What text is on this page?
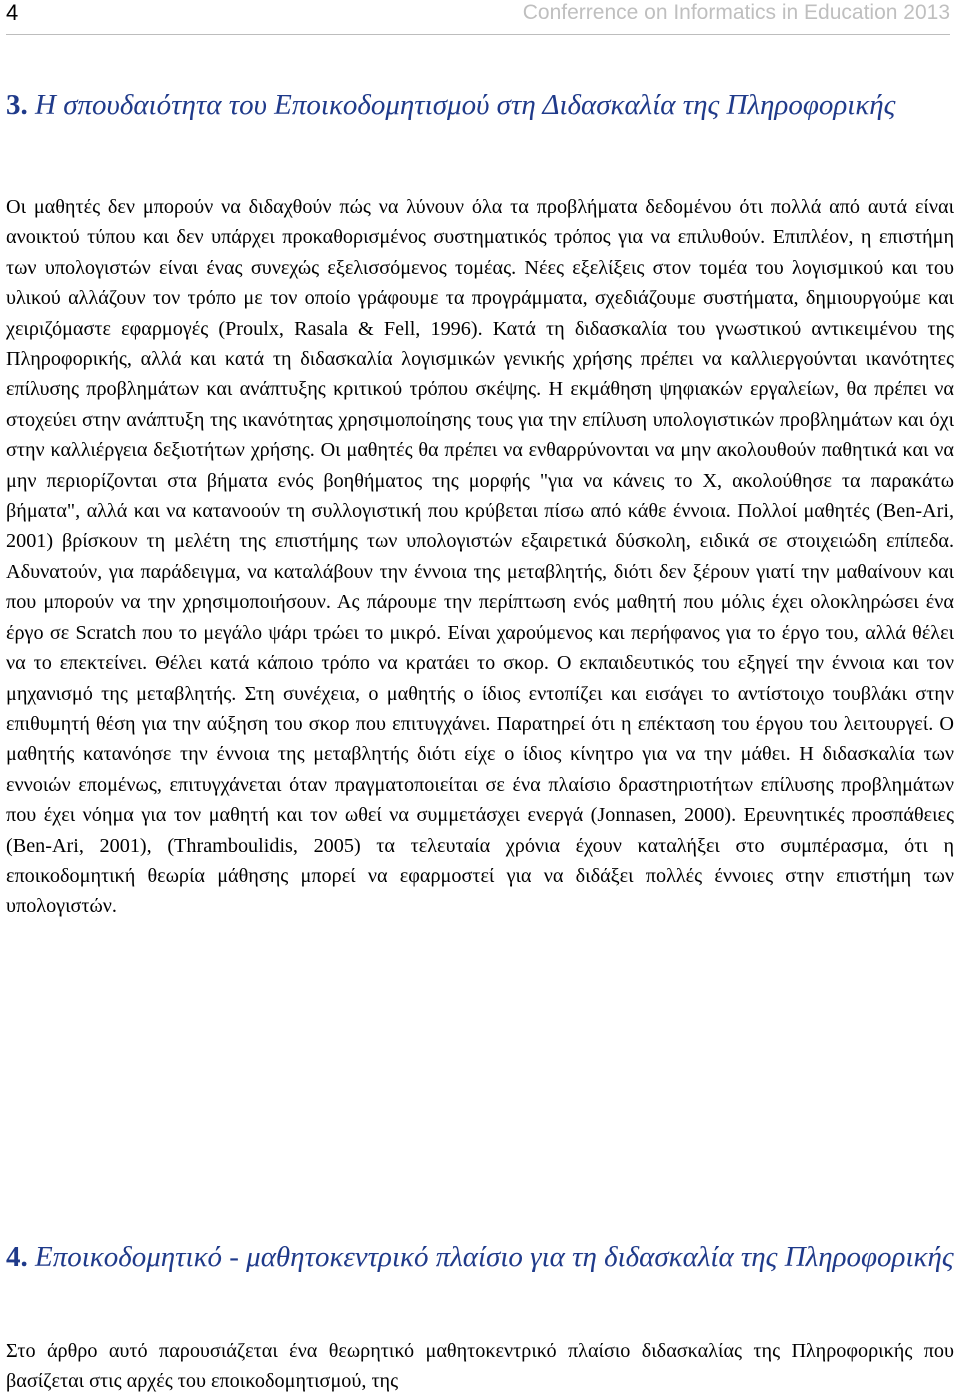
4	Conferrence on Informatics in Education 2013
3. Η σπουδαιότητα του Εποικοδομητισμού στη Διδασκαλία της Πληροφορικής

Οι μαθητές δεν μπορούν να διδαχθούν πώς να λύνουν όλα τα προβλήματα δεδομένου ότι πολλά από αυτά είναι ανοικτού τύπου και δεν υπάρχει προκαθορισμένος συστηματικός τρόπος για να επιλυθούν. Επιπλέον, η επιστήμη των υπολογιστών είναι ένας συνεχώς εξελισσόμενος τομέας. Νέες εξελίξεις στον τομέα του λογισμικού και του υλικού αλλάζουν τον τρόπο με τον οποίο γράφουμε τα προγράμματα, σχεδιάζουμε συστήματα, δημιουργούμε και χειριζόμαστε εφαρμογές (Proulx, Rasala & Fell, 1996). Κατά τη διδασκαλία του γνωστικού αντικειμένου της Πληροφορικής, αλλά και κατά τη διδασκαλία λογισμικών γενικής χρήσης πρέπει να καλλιεργούνται ικανότητες επίλυσης προβλημάτων και ανάπτυξης κριτικού τρόπου σκέψης. Η εκμάθηση ψηφιακών εργαλείων, θα πρέπει να στοχεύει στην ανάπτυξη της ικανότητας χρησιμοποίησης τους για την επίλυση υπολογιστικών προβλημάτων και όχι στην καλλιέργεια δεξιοτήτων χρήσης. Οι μαθητές θα πρέπει να ενθαρρύνονται να μην ακολουθούν παθητικά και να μην περιορίζονται στα βήματα ενός βοηθήματος της μορφής "για να κάνεις το X, ακολούθησε τα παρακάτω βήματα", αλλά και να κατανοούν τη συλλογιστική που κρύβεται πίσω από κάθε έννοια. Πολλοί μαθητές (Ben-Ari, 2001) βρίσκουν τη μελέτη της επιστήμης των υπολογιστών εξαιρετικά δύσκολη, ειδικά σε στοιχειώδη επίπεδα. Αδυνατούν, για παράδειγμα, να καταλάβουν την έννοια της μεταβλητής, διότι δεν ξέρουν γιατί την μαθαίνουν και που μπορούν να την χρησιμοποιήσουν. Ας πάρουμε την περίπτωση ενός μαθητή που μόλις έχει ολοκληρώσει ένα έργο σε Scratch που το μεγάλο ψάρι τρώει το μικρό. Είναι χαρούμενος και περήφανος για το έργο του, αλλά θέλει να το επεκτείνει. Θέλει κατά κάποιο τρόπο να κρατάει το σκορ. Ο εκπαιδευτικός του εξηγεί την έννοια και τον μηχανισμό της μεταβλητής. Στη συνέχεια, ο μαθητής ο ίδιος εντοπίζει και εισάγει το αντίστοιχο τουβλάκι στην επιθυμητή θέση για την αύξηση του σκορ που επιτυγχάνει. Παρατηρεί ότι η επέκταση του έργου του λειτουργεί. Ο μαθητής κατανόησε την έννοια της μεταβλητής διότι είχε ο ίδιος κίνητρο για να την μάθει. Η διδασκαλία των εννοιών επομένως, επιτυγχάνεται όταν πραγματοποιείται σε ένα πλαίσιο δραστηριοτήτων επίλυσης προβλημάτων που έχει νόημα για τον μαθητή και τον ωθεί να συμμετάσχει ενεργά (Jonnasen, 2000). Ερευνητικές προσπάθειες (Ben-Ari, 2001), (Thramboulidis, 2005) τα τελευταία χρόνια έχουν καταλήξει στο συμπέρασμα, ότι η εποικοδομητική θεωρία μάθησης μπορεί να εφαρμοστεί για να διδάξει πολλές έννοιες στην επιστήμη των υπολογιστών.

4. Εποικοδομητικό - μαθητοκεντρικό πλαίσιο για τη διδασκαλία της Πληροφορικής

Στο άρθρο αυτό παρουσιάζεται ένα θεωρητικό μαθητοκεντρικό πλαίσιο διδασκαλίας της Πληροφορικής που βασίζεται στις αρχές του εποικοδομητισμού, της
